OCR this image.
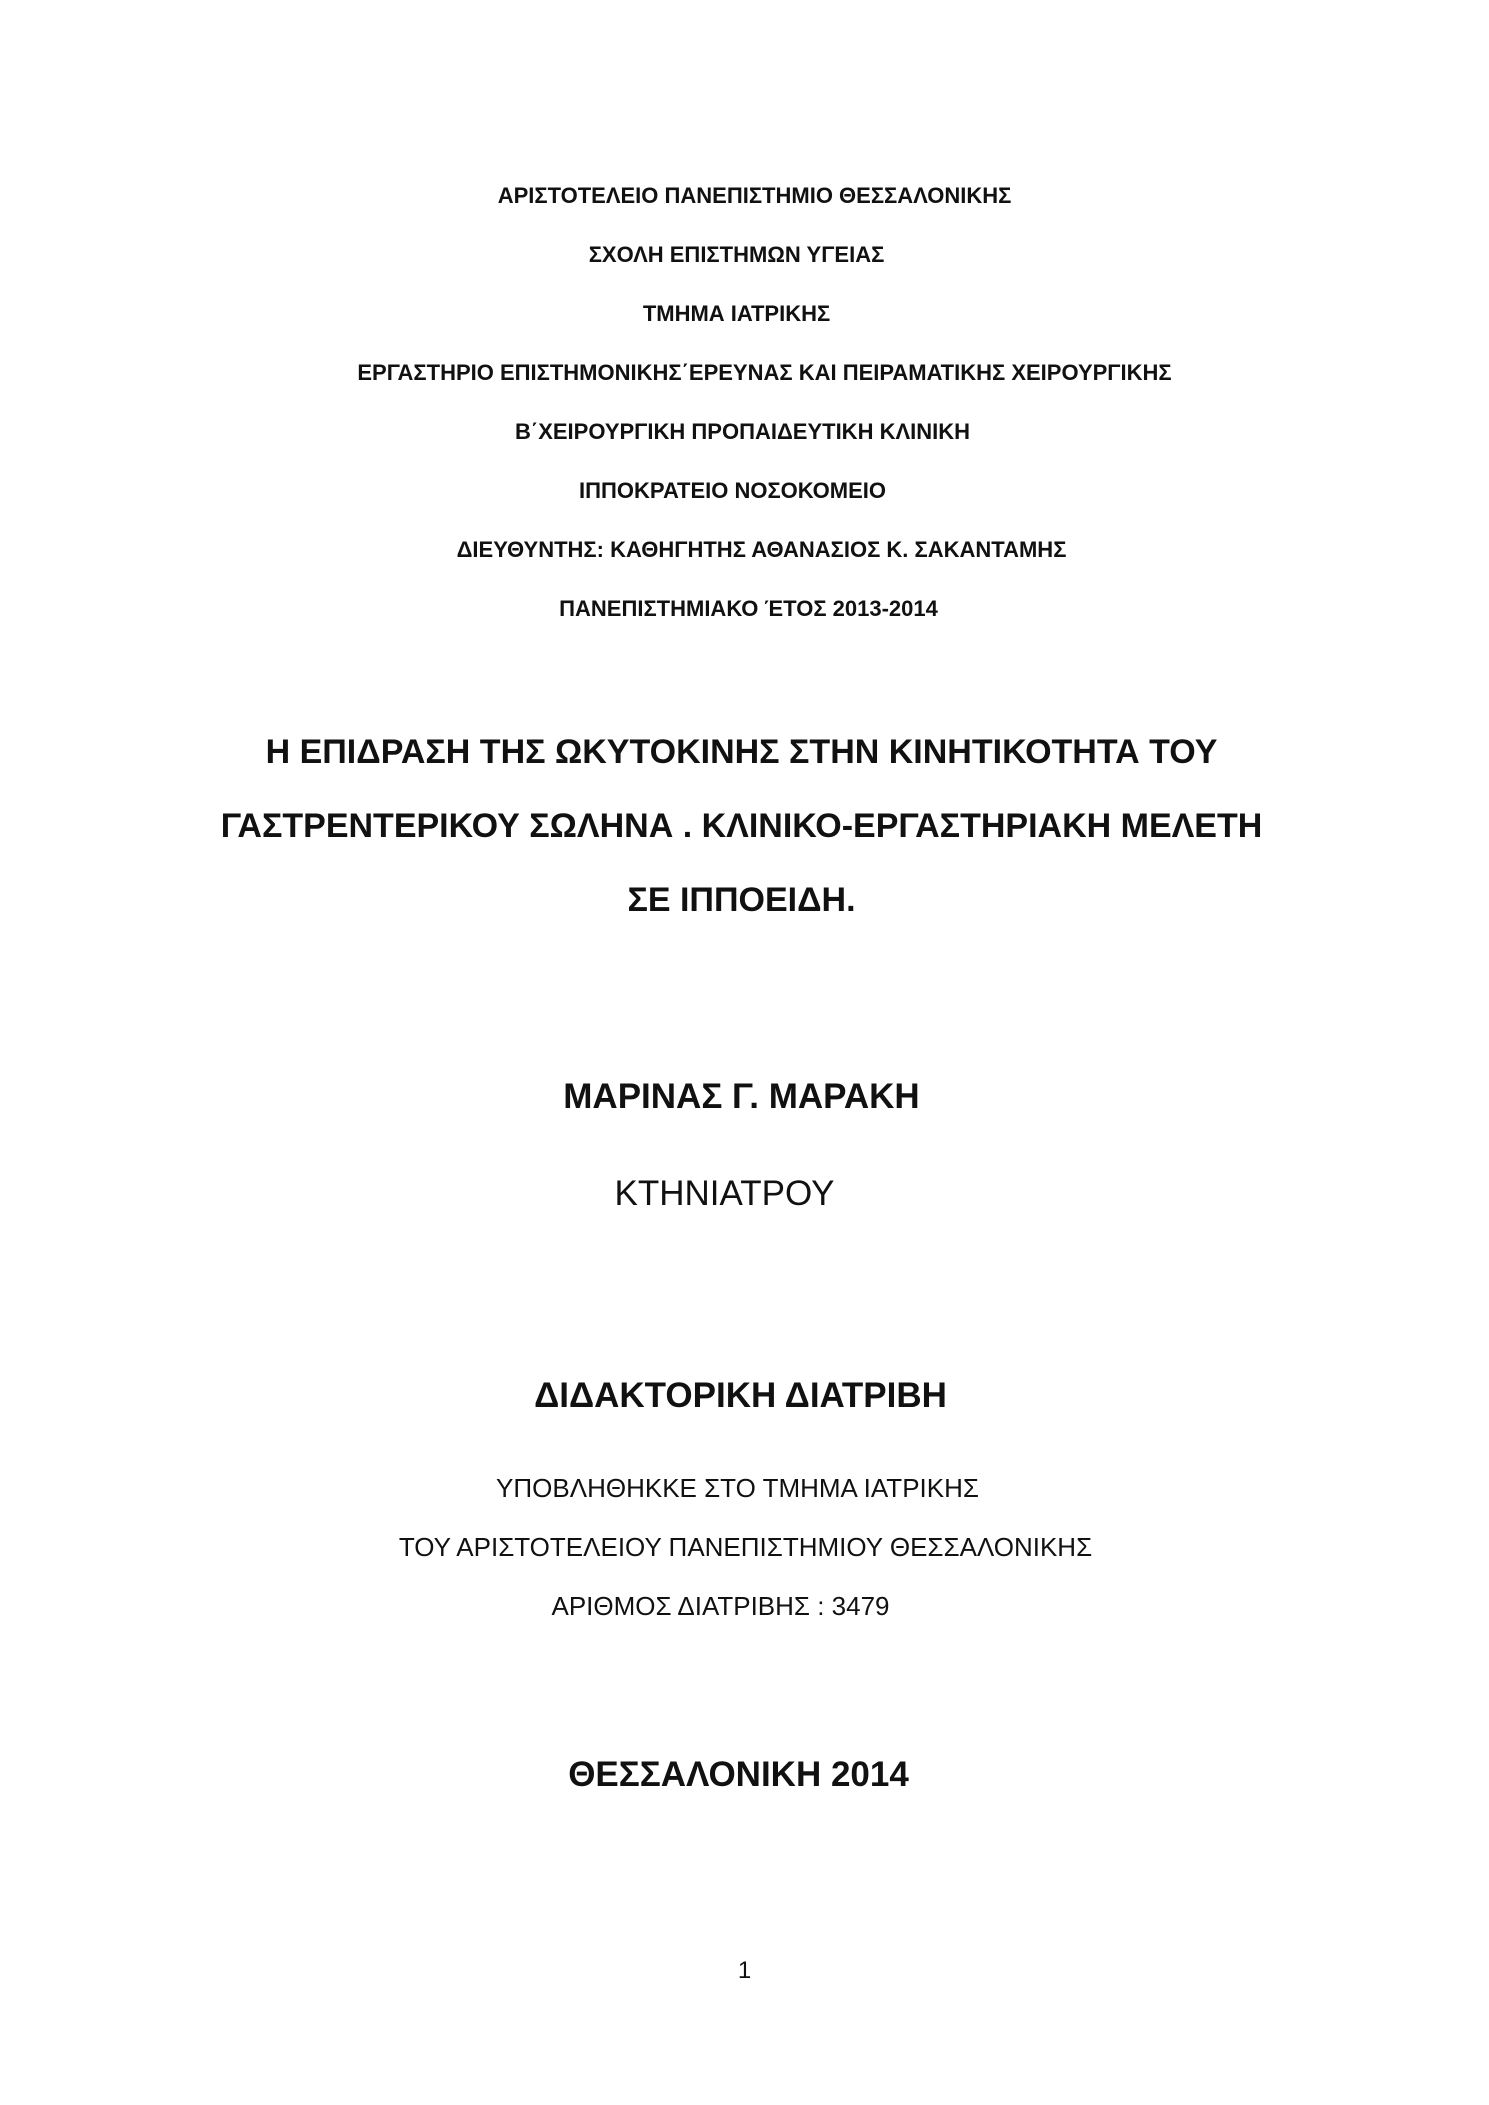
ΑΡΙΣΤΟΤΕΛΕΙΟ ΠΑΝΕΠΙΣΤΗΜΙΟ ΘΕΣΣΑΛΟΝΙΚΗΣ
ΣΧΟΛΗ ΕΠΙΣΤΗΜΩΝ ΥΓΕΙΑΣ
ΤΜΗΜΑ ΙΑΤΡΙΚΗΣ
ΕΡΓΑΣΤΗΡΙΟ ΕΠΙΣΤΗΜΟΝΙΚΗΣ΄ΕΡΕΥΝΑΣ ΚΑΙ ΠΕΙΡΑΜΑΤΙΚΗΣ ΧΕΙΡΟΥΡΓΙΚΗΣ
Β΄ΧΕΙΡΟΥΡΓΙΚΗ ΠΡΟΠΑΙΔΕΥΤΙΚΗ ΚΛΙΝΙΚΗ
ΙΠΠΟΚΡΑΤΕΙΟ ΝΟΣΟΚΟΜΕΙΟ
ΔΙΕΥΘΥΝΤΗΣ: ΚΑΘΗΓΗΤΗΣ ΑΘΑΝΑΣΙΟΣ Κ. ΣΑΚΑΝΤΑΜΗΣ
ΠΑΝΕΠΙΣΤΗΜΙΑΚΟ ΈΤΟΣ 2013-2014
Η ΕΠΙΔΡΑΣΗ ΤΗΣ ΩΚΥΤΟΚΙΝΗΣ ΣΤΗΝ ΚΙΝΗΤΙΚΟΤΗΤΑ ΤΟΥ
ΓΑΣΤΡΕΝΤΕΡΙΚΟΥ ΣΩΛΗΝΑ . ΚΛΙΝΙΚΟ-ΕΡΓΑΣΤΗΡΙΑΚΗ ΜΕΛΕΤΗ
ΣΕ ΙΠΠΟΕΙΔΗ.
ΜΑΡΙΝΑΣ Γ. ΜΑΡΑΚΗ
ΚΤΗΝΙΑΤΡΟΥ
ΔΙΔΑΚΤΟΡΙΚΗ ΔΙΑΤΡΙΒΗ
ΥΠΟΒΛΗΘΗΚΚΕ ΣΤΟ ΤΜΗΜΑ ΙΑΤΡΙΚΗΣ
ΤΟΥ ΑΡΙΣΤΟΤΕΛΕΙΟΥ ΠΑΝΕΠΙΣΤΗΜΙΟΥ ΘΕΣΣΑΛΟΝΙΚΗΣ
ΑΡΙΘΜΟΣ ΔΙΑΤΡΙΒΗΣ : 3479
ΘΕΣΣΑΛΟΝΙΚΗ 2014
1
